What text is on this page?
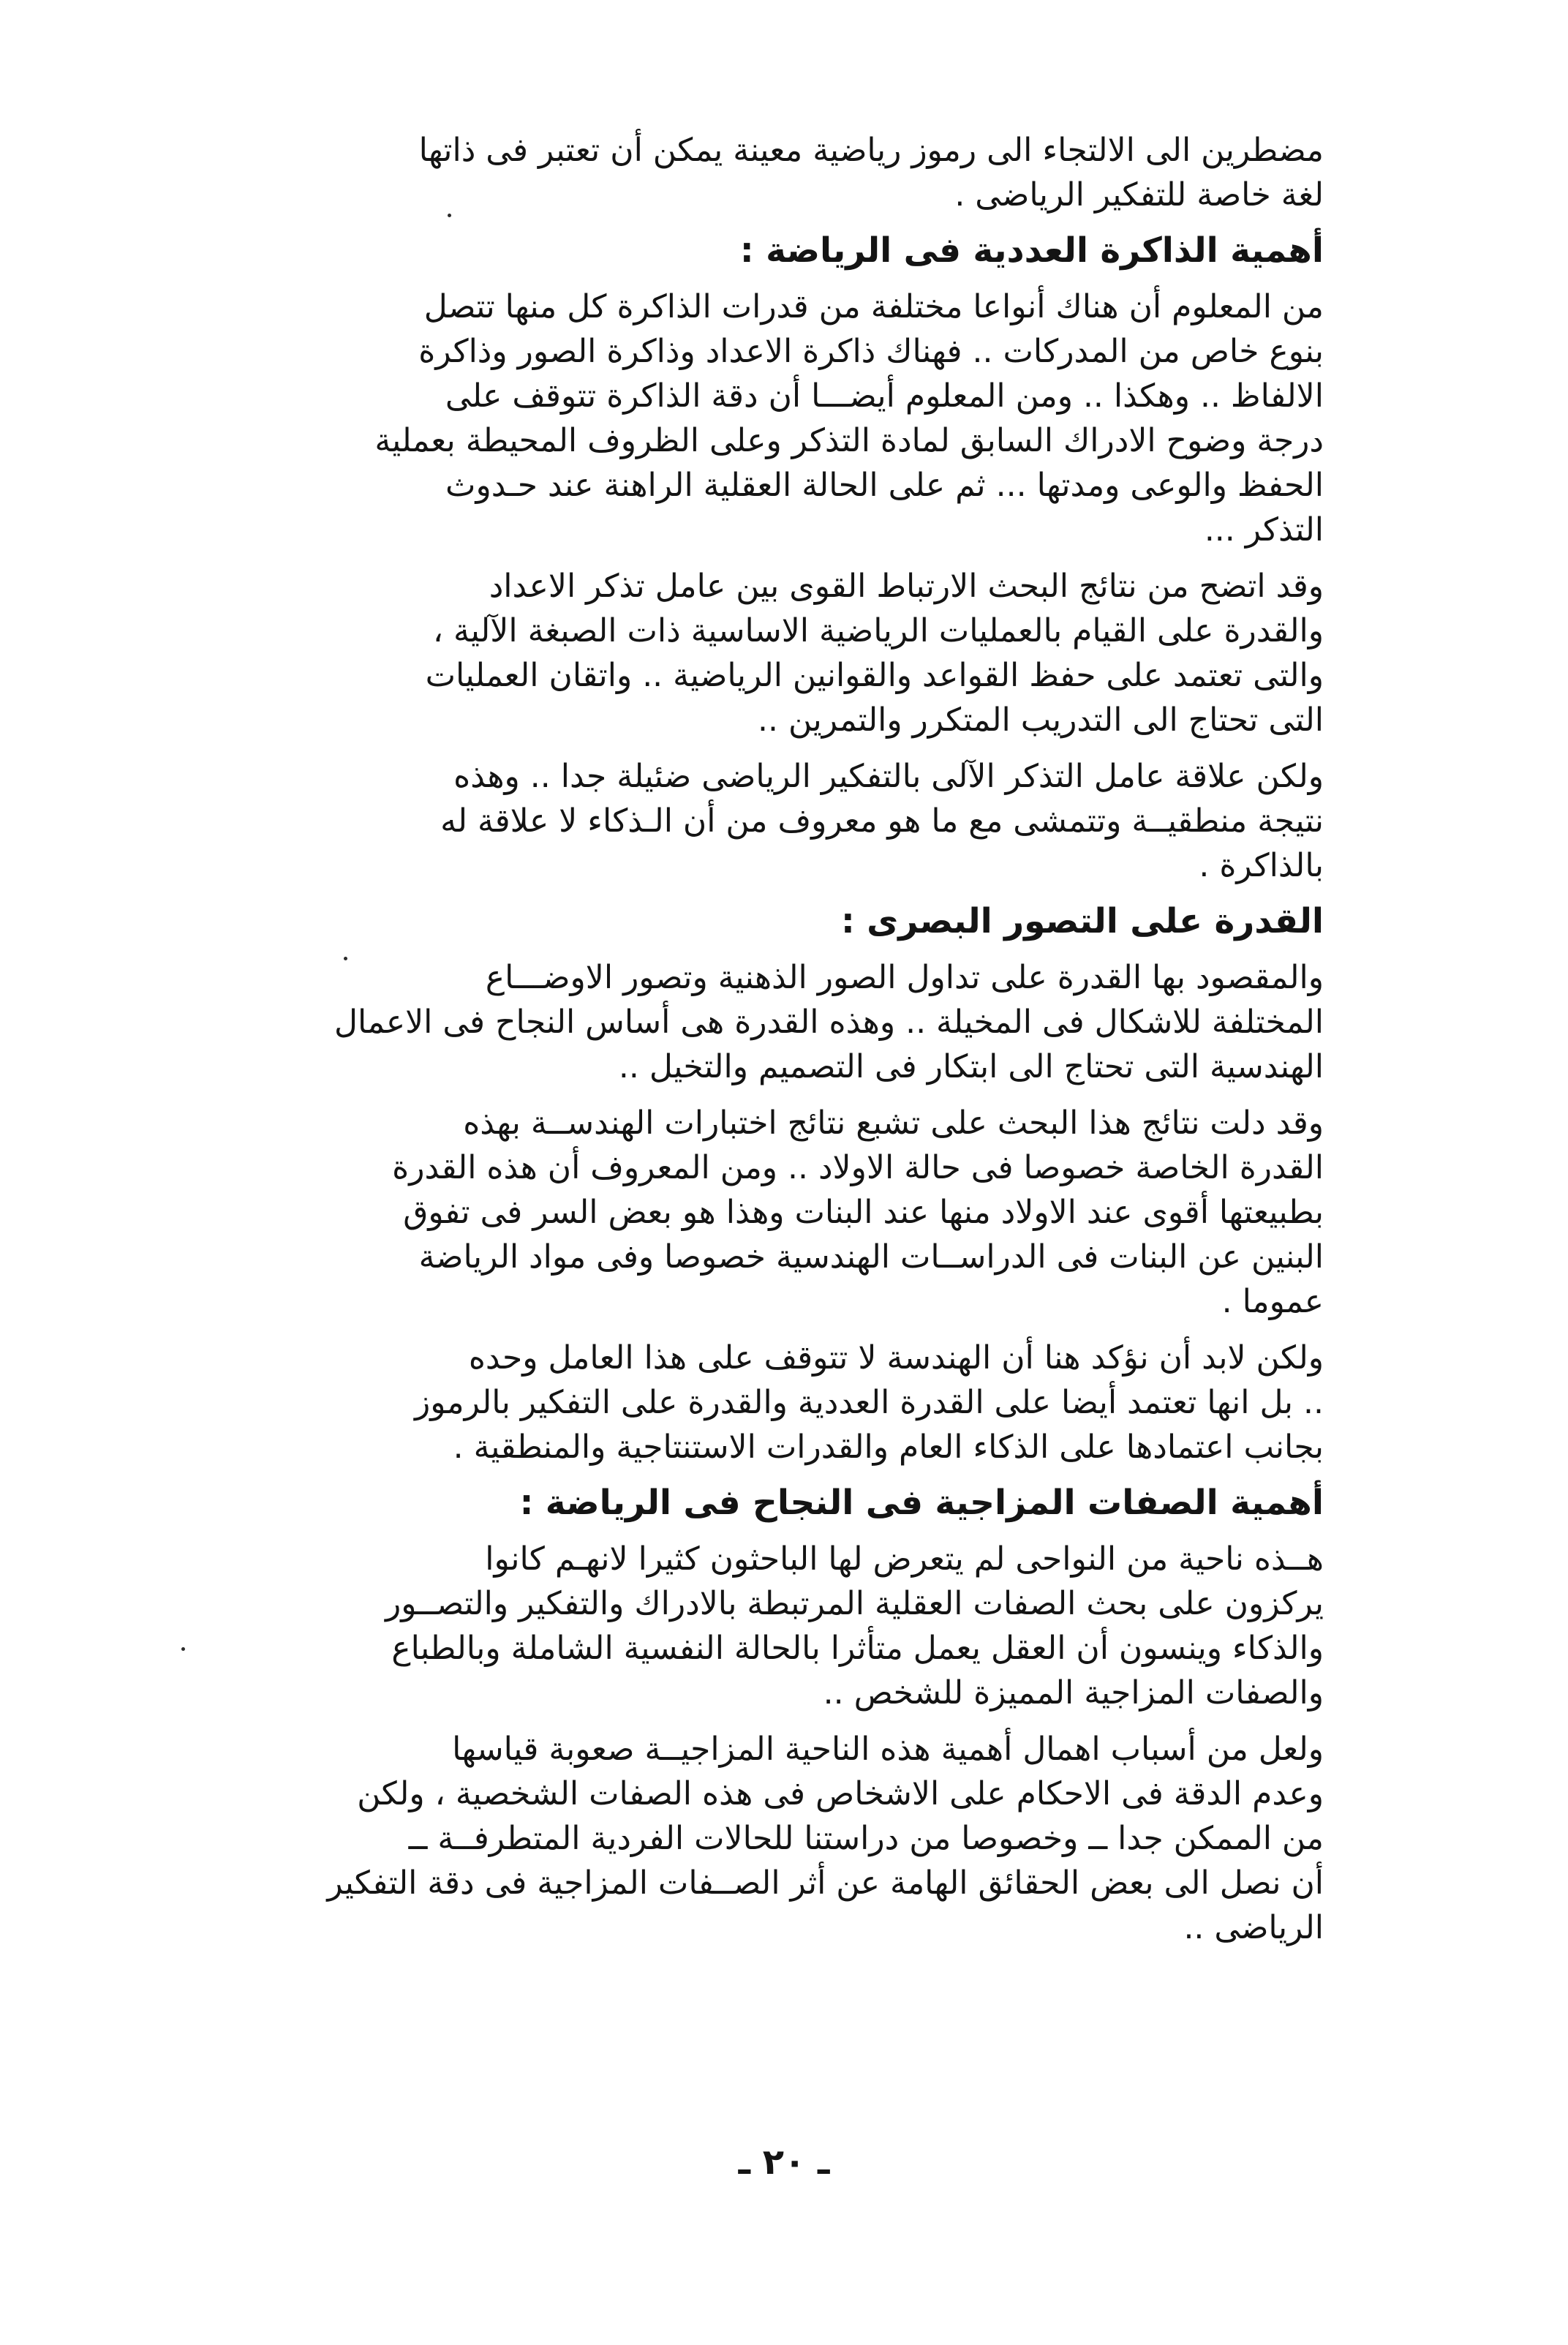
مضطرين الى الالتجاء الى رموز رياضية معينة يمكن أن تعتبر فى ذاتها
لغة خاصة للتفكير الرياضى .
أهمية الذاكرة العددية فى الرياضة :
من المعلوم أن هناك أنواعا مختلفة من قدرات الذاكرة كل منها تتصل
بنوع خاص من المدركات .. فهناك ذاكرة الاعداد وذاكرة الصور وذاكرة
الالفاظ .. وهكذا .. ومن المعلوم أيضـــا أن دقة الذاكرة تتوقف على
درجة وضوح الادراك السابق لمادة التذكر وعلى الظروف المحيطة بعملية
الحفظ والوعى ومدتها ... ثم على الحالة العقلية الراهنة عند حـدوث
التذكر ...
وقد اتضح من نتائج البحث الارتباط القوى بين عامل تذكر الاعداد
والقدرة على القيام بالعمليات الرياضية الاساسية ذات الصبغة الآلية ،
والتى تعتمد على حفظ القواعد والقوانين الرياضية .. واتقان العمليات
التى تحتاج الى التدريب المتكرر والتمرين ..
ولكن علاقة عامل التذكر الآلى بالتفكير الرياضى ضئيلة جدا .. وهذه
نتيجة منطقيــة وتتمشى مع ما هو معروف من أن الـذكاء لا علاقة له
بالذاكرة .
القدرة على التصور البصرى :
والمقصود بها القدرة على تداول الصور الذهنية وتصور الاوضـــاع
المختلفة للاشكال فى المخيلة .. وهذه القدرة هى أساس النجاح فى الاعمال
الهندسية التى تحتاج الى ابتكار فى التصميم والتخيل ..
وقد دلت نتائج هذا البحث على تشبع نتائج اختبارات الهندســة بهذه
القدرة الخاصة خصوصا فى حالة الاولاد .. ومن المعروف أن هذه القدرة
بطبيعتها أقوى عند الاولاد منها عند البنات وهذا هو بعض السر فى تفوق
البنين عن البنات فى الدراســات الهندسية خصوصا وفى مواد الرياضة
عموما .
ولكن لابد أن نؤكد هنا أن الهندسة لا تتوقف على هذا العامل وحده
.. بل انها تعتمد أيضا على القدرة العددية والقدرة على التفكير بالرموز
بجانب اعتمادها على الذكاء العام والقدرات الاستنتاجية والمنطقية .
أهمية الصفات المزاجية فى النجاح فى الرياضة :
هــذه ناحية من النواحى لم يتعرض لها الباحثون كثيرا لانهـم كانوا
يركزون على بحث الصفات العقلية المرتبطة بالادراك والتفكير والتصــور
والذكاء وينسون أن العقل يعمل متأثرا بالحالة النفسية الشاملة وبالطباع
والصفات المزاجية المميزة للشخص ..
ولعل من أسباب اهمال أهمية هذه الناحية المزاجيــة صعوبة قياسها
وعدم الدقة فى الاحكام على الاشخاص فى هذه الصفات الشخصية ، ولكن
من الممكن جدا ــ وخصوصا من دراستنا للحالات الفردية المتطرفــة ــ
أن نصل الى بعض الحقائق الهامة عن أثر الصــفات المزاجية فى دقة التفكير
الرياضى ..
ـ ٢٠ ـ
